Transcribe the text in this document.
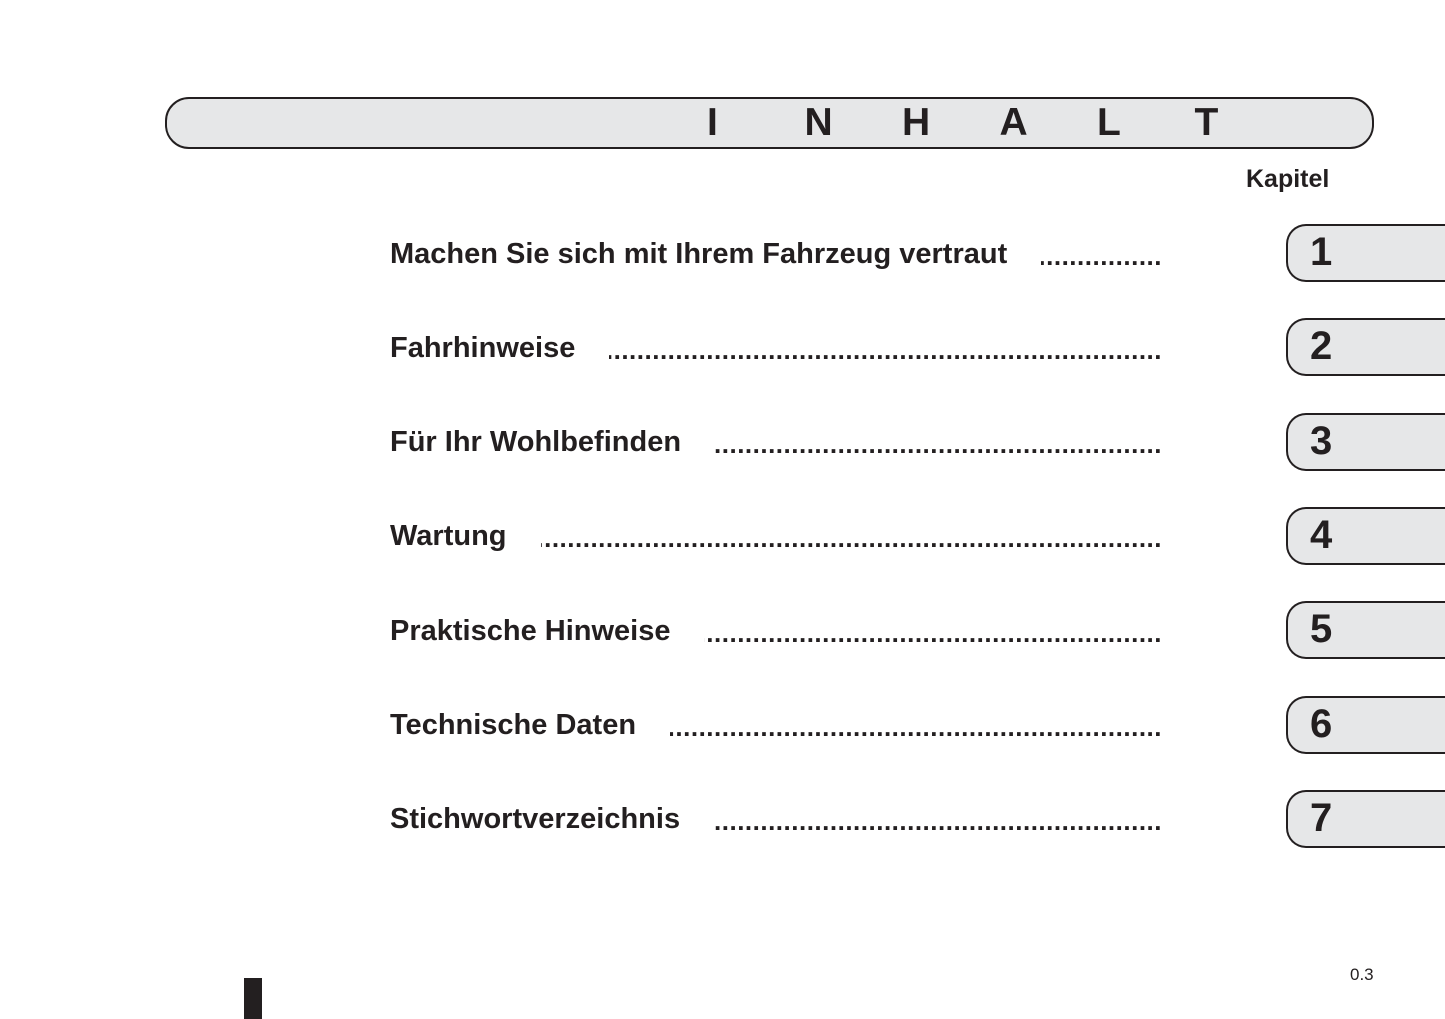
I	N	H	A	L	T
Kapitel
Machen Sie sich mit Ihrem Fahrzeug vertraut .....	1
Fahrhinweise .....	2
Für Ihr Wohlbefinden .....	3
Wartung .....	4
Praktische Hinweise .....	5
Technische Daten .....	6
Stichwortverzeichnis .....	7
0.3
